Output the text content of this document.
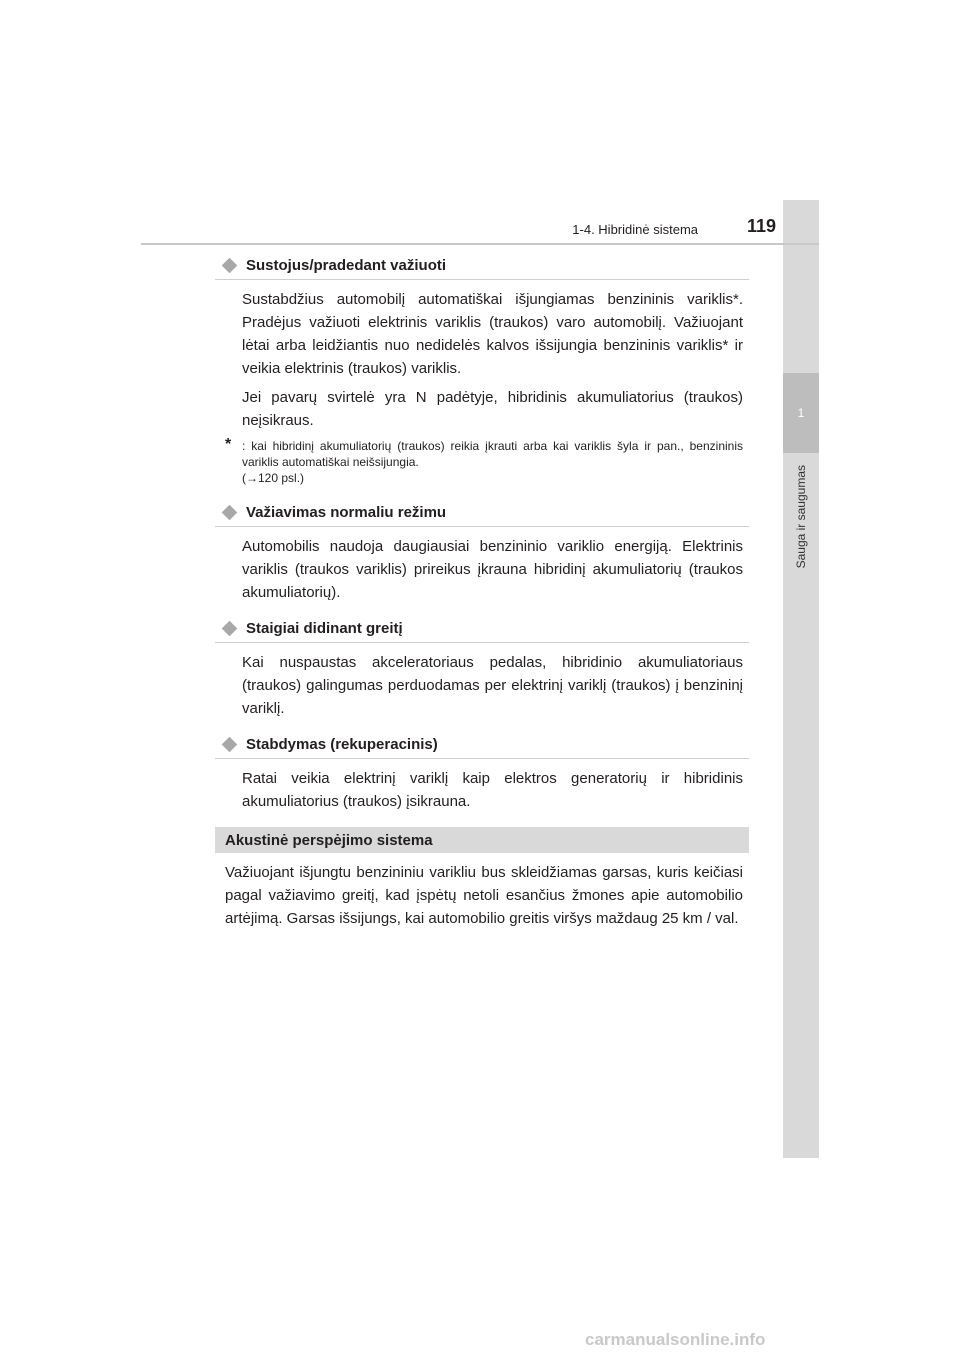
1
Sauga ir saugumas
1-4. Hibridinė sistema	119
Sustojus/pradedant važiuoti

Sustabdžius automobilį automatiškai išjungiamas benzininis variklis*. Pradėjus važiuoti elektrinis variklis (traukos) varo automobilį. Važiuojant lėtai arba leidžiantis nuo nedidelės kalvos išsijungia benzininis variklis* ir veikia elektrinis (traukos) variklis.

Jei pavarų svirtelė yra N padėtyje, hibridinis akumuliatorius (traukos) neįsikraus.

* : kai hibridinį akumuliatorių (traukos) reikia įkrauti arba kai variklis šyla ir pan., benzininis variklis automatiškai neišsijungia.

(→120 psl.)

Važiavimas normaliu režimu

Automobilis naudoja daugiausiai benzininio variklio energiją. Elektrinis variklis (traukos variklis) prireikus įkrauna hibridinį akumuliatorių (traukos akumuliatorių).

Staigiai didinant greitį

Kai nuspaustas akceleratoriaus pedalas, hibridinio akumuliatoriaus (traukos) galingumas perduodamas per elektrinį variklį (traukos) į benzininį variklį.

Stabdymas (rekuperacinis)

Ratai veikia elektrinį variklį kaip elektros generatorių ir hibridinis akumuliatorius (traukos) įsikrauna.

Akustinė perspėjimo sistema

Važiuojant išjungtu benzininiu varikliu bus skleidžiamas garsas, kuris keičiasi pagal važiavimo greitį, kad įspėtų netoli esančius žmones apie automobilio artėjimą. Garsas išsijungs, kai automobilio greitis viršys maždaug 25 km / val.

carmanualsonline.info
